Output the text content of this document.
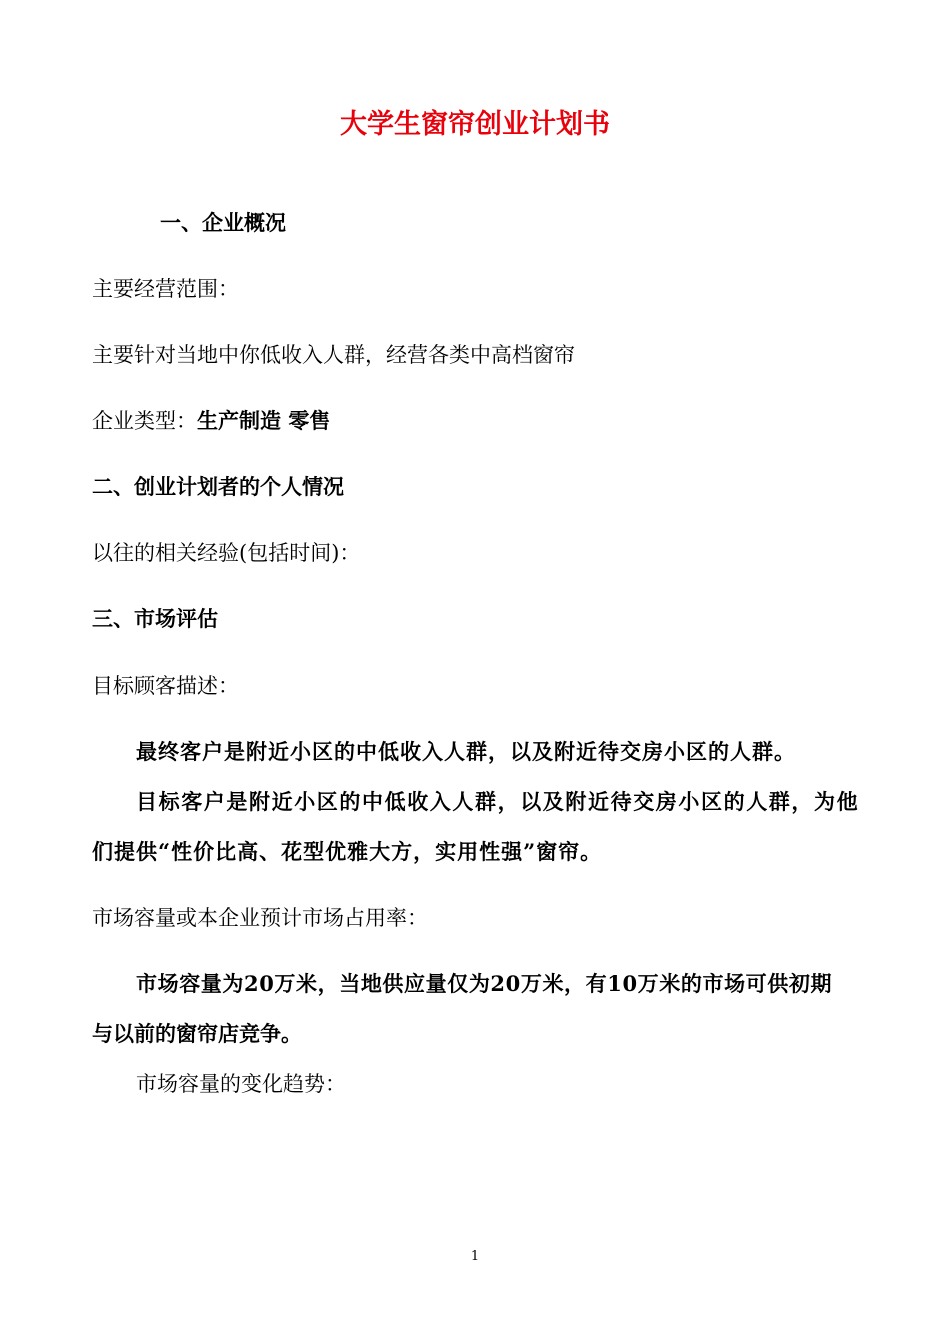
大学生窗帘创业计划书
一、企业概况
主要经营范围：
主要针对当地中你低收入人群，经营各类中高档窗帘
企业类型：生产制造 零售
二、创业计划者的个人情况
以往的相关经验(包括时间)：
三、市场评估
目标顾客描述：
最终客户是附近小区的中低收入人群，以及附近待交房小区的人群。
目标客户是附近小区的中低收入人群，以及附近待交房小区的人群，为他
们提供“性价比高、花型优雅大方，实用性强”窗帘。
市场容量或本企业预计市场占用率：
市场容量为20万米，当地供应量仅为20万米，有10万米的市场可供初期
与以前的窗帘店竞争。
市场容量的变化趋势：
1
